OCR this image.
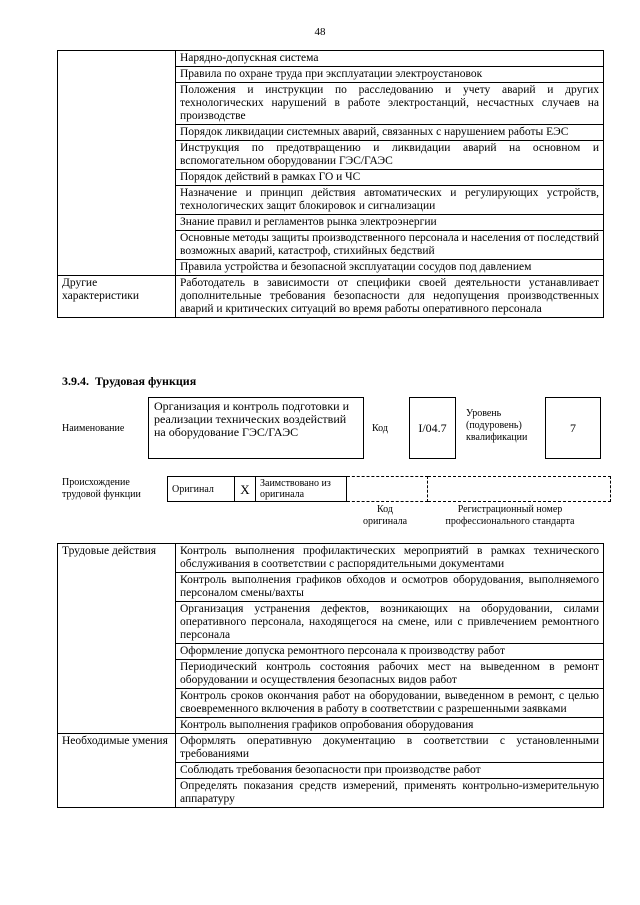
48
	Нарядно-допускная система
	Правила по охране труда при эксплуатации электроустановок
	Положения и инструкции по расследованию и учету аварий и других технологических нарушений в работе электростанций, несчастных случаев на производстве
	Порядок ликвидации системных аварий, связанных с нарушением работы ЕЭС
	Инструкция по предотвращению и ликвидации аварий на основном и вспомогательном оборудовании ГЭС/ГАЭС
	Порядок действий в рамках ГО и ЧС
	Назначение и принцип действия автоматических и регулирующих устройств, технологических защит блокировок и сигнализации
	Знание правил и регламентов рынка электроэнергии
	Основные методы защиты производственного персонала и населения от последствий возможных аварий, катастроф, стихийных бедствий
	Правила устройства и безопасной эксплуатации сосудов под давлением
Другие характеристики	Работодатель в зависимости от специфики своей деятельности устанавливает дополнительные требования безопасности для недопущения производственных аварий и критических ситуаций во время работы оперативного персонала
3.9.4. Трудовая функция
Наименование
Организация и контроль подготовки и реализации технических воздействий на оборудование ГЭС/ГАЭС	Код	I/04.7
Уровень (подуровень) квалификации
7
Происхождение трудовой функции	Оригинал	X	Заимствовано из оригинала		
Код оригинала
Регистрационный номер профессионального стандарта
Трудовые действия	Контроль выполнения профилактических мероприятий в рамках технического обслуживания в соответствии с распорядительными документами
	Контроль выполнения графиков обходов и осмотров оборудования, выполняемого персоналом смены/вахты
	Организация устранения дефектов, возникающих на оборудовании, силами оперативного персонала, находящегося на смене, или с привлечением ремонтного персонала
	Оформление допуска ремонтного персонала к производству работ
	Периодический контроль состояния рабочих мест на выведенном в ремонт оборудовании и осуществления безопасных видов работ
	Контроль сроков окончания работ на оборудовании, выведенном в ремонт, с целью своевременного включения в работу в соответствии с разрешенными заявками
	Контроль выполнения графиков опробования оборудования
Необходимые умения	Оформлять оперативную документацию в соответствии с установленными требованиями
	Соблюдать требования безопасности при производстве работ
	Определять показания средств измерений, применять контрольно-измерительную аппаратуру
